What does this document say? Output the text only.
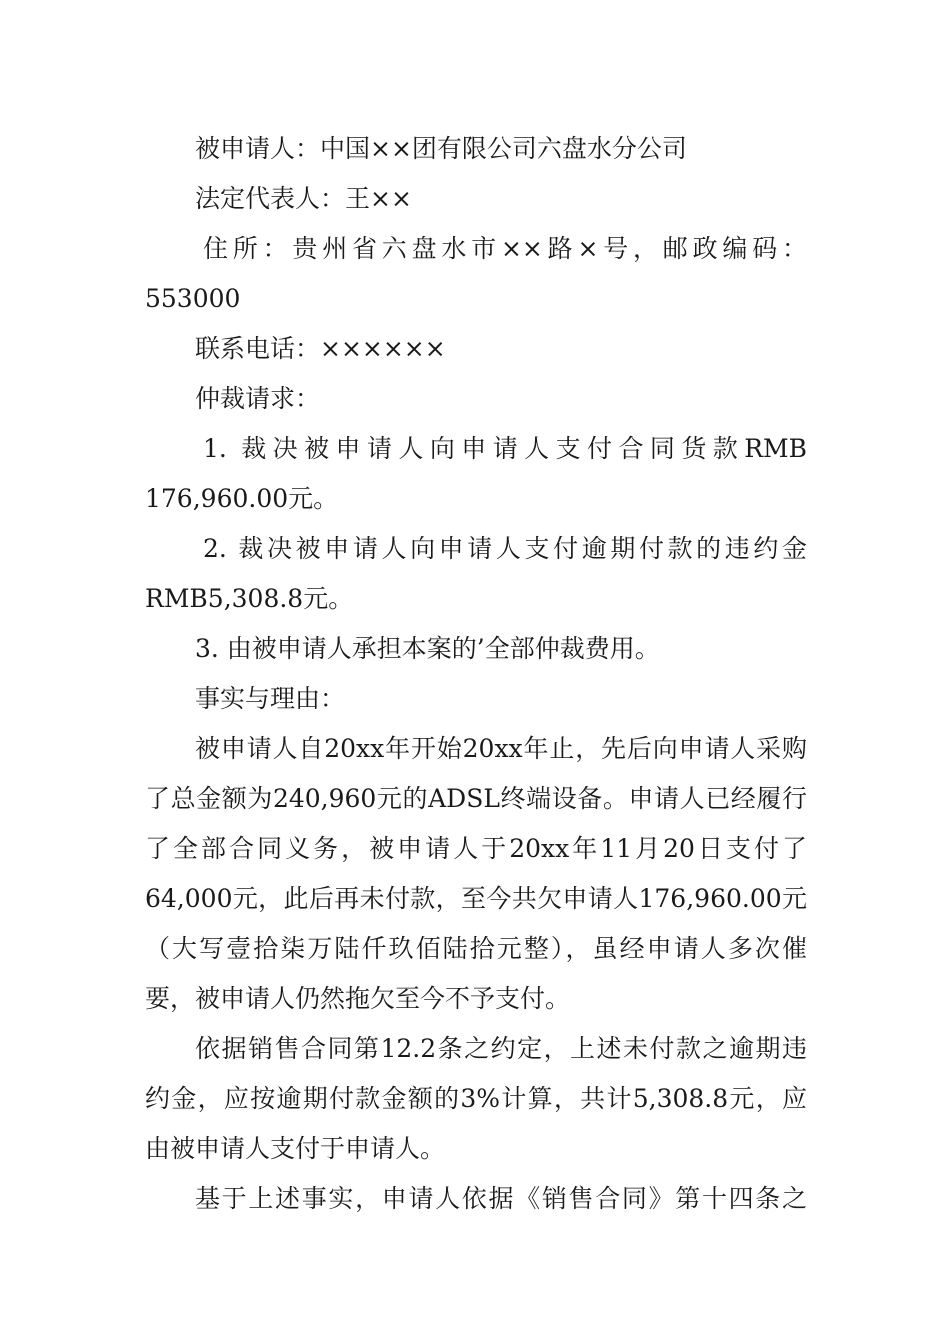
被申请人：中国××团有限公司六盘水分公司
法定代表人：王××
住所：贵州省六盘水市××路×号，邮政编码：
553000
联系电话：××××××
仲裁请求：
1. 裁决被申请人向申请人支付合同货款RMB
176,960.00元。
2. 裁决被申请人向申请人支付逾期付款的违约金
RMB5,308.8元。
3. 由被申请人承担本案的’全部仲裁费用。
事实与理由：
被申请人自20xx年开始20xx年止，先后向申请人采购
了总金额为240,960元的ADSL终端设备。申请人已经履行
了全部合同义务，被申请人于20xx年11月20日支付了
64,000元，此后再未付款，至今共欠申请人176,960.00元
（大写壹拾柒万陆仟玖佰陆拾元整），虽经申请人多次催
要，被申请人仍然拖欠至今不予支付。
依据销售合同第12.2条之约定，上述未付款之逾期违
约金，应按逾期付款金额的3%计算，共计5,308.8元，应
由被申请人支付于申请人。
基于上述事实，申请人依据《销售合同》第十四条之
